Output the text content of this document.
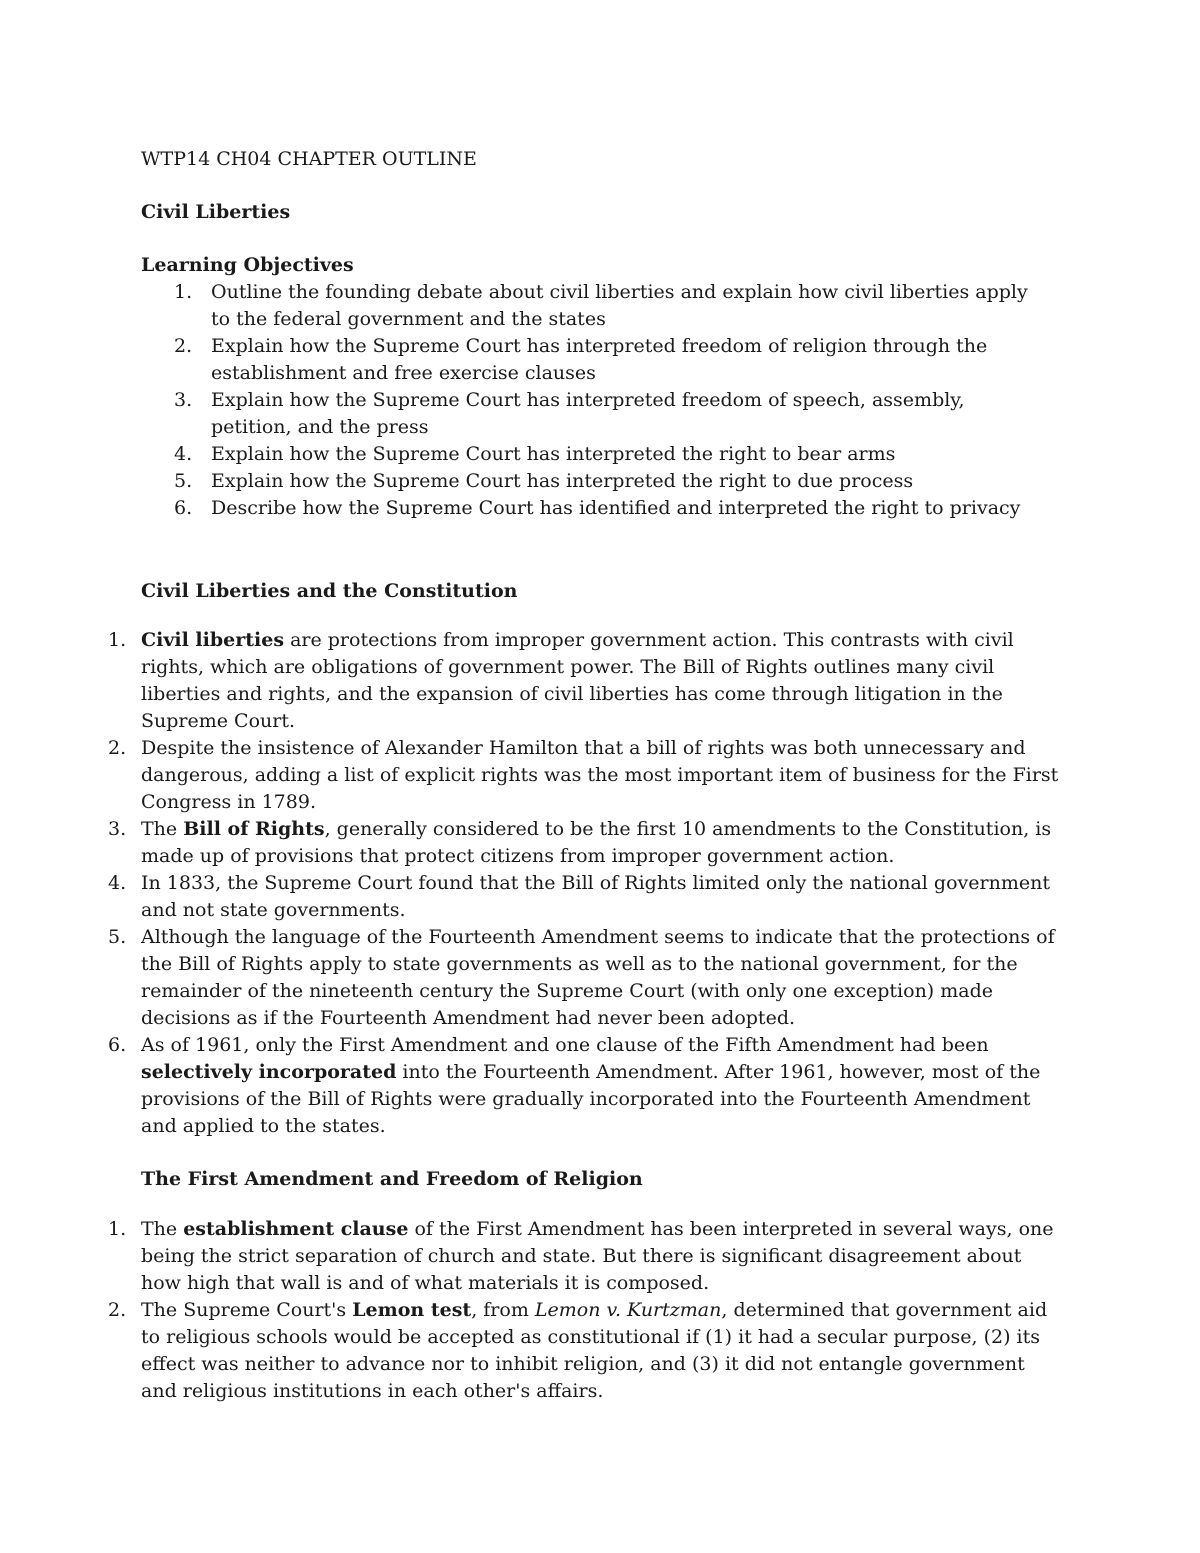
WTP14 CH04 CHAPTER OUTLINE

Civil Liberties

Learning Objectives

1. Outline the founding debate about civil liberties and explain how civil liberties apply to the federal government and the states
2. Explain how the Supreme Court has interpreted freedom of religion through the establishment and free exercise clauses
3. Explain how the Supreme Court has interpreted freedom of speech, assembly, petition, and the press
4. Explain how the Supreme Court has interpreted the right to bear arms
5. Explain how the Supreme Court has interpreted the right to due process
6. Describe how the Supreme Court has identified and interpreted the right to privacy

Civil Liberties and the Constitution

1. Civil liberties are protections from improper government action. This contrasts with civil rights, which are obligations of government power. The Bill of Rights outlines many civil liberties and rights, and the expansion of civil liberties has come through litigation in the Supreme Court.
2. Despite the insistence of Alexander Hamilton that a bill of rights was both unnecessary and dangerous, adding a list of explicit rights was the most important item of business for the First Congress in 1789.
3. The Bill of Rights, generally considered to be the first 10 amendments to the Constitution, is made up of provisions that protect citizens from improper government action.
4. In 1833, the Supreme Court found that the Bill of Rights limited only the national government and not state governments.
5. Although the language of the Fourteenth Amendment seems to indicate that the protections of the Bill of Rights apply to state governments as well as to the national government, for the remainder of the nineteenth century the Supreme Court (with only one exception) made decisions as if the Fourteenth Amendment had never been adopted.
6. As of 1961, only the First Amendment and one clause of the Fifth Amendment had been selectively incorporated into the Fourteenth Amendment. After 1961, however, most of the provisions of the Bill of Rights were gradually incorporated into the Fourteenth Amendment and applied to the states.

The First Amendment and Freedom of Religion

1. The establishment clause of the First Amendment has been interpreted in several ways, one being the strict separation of church and state. But there is significant disagreement about how high that wall is and of what materials it is composed.
2. The Supreme Court's Lemon test, from Lemon v. Kurtzman, determined that government aid to religious schools would be accepted as constitutional if (1) it had a secular purpose, (2) its effect was neither to advance nor to inhibit religion, and (3) it did not entangle government and religious institutions in each other's affairs.
